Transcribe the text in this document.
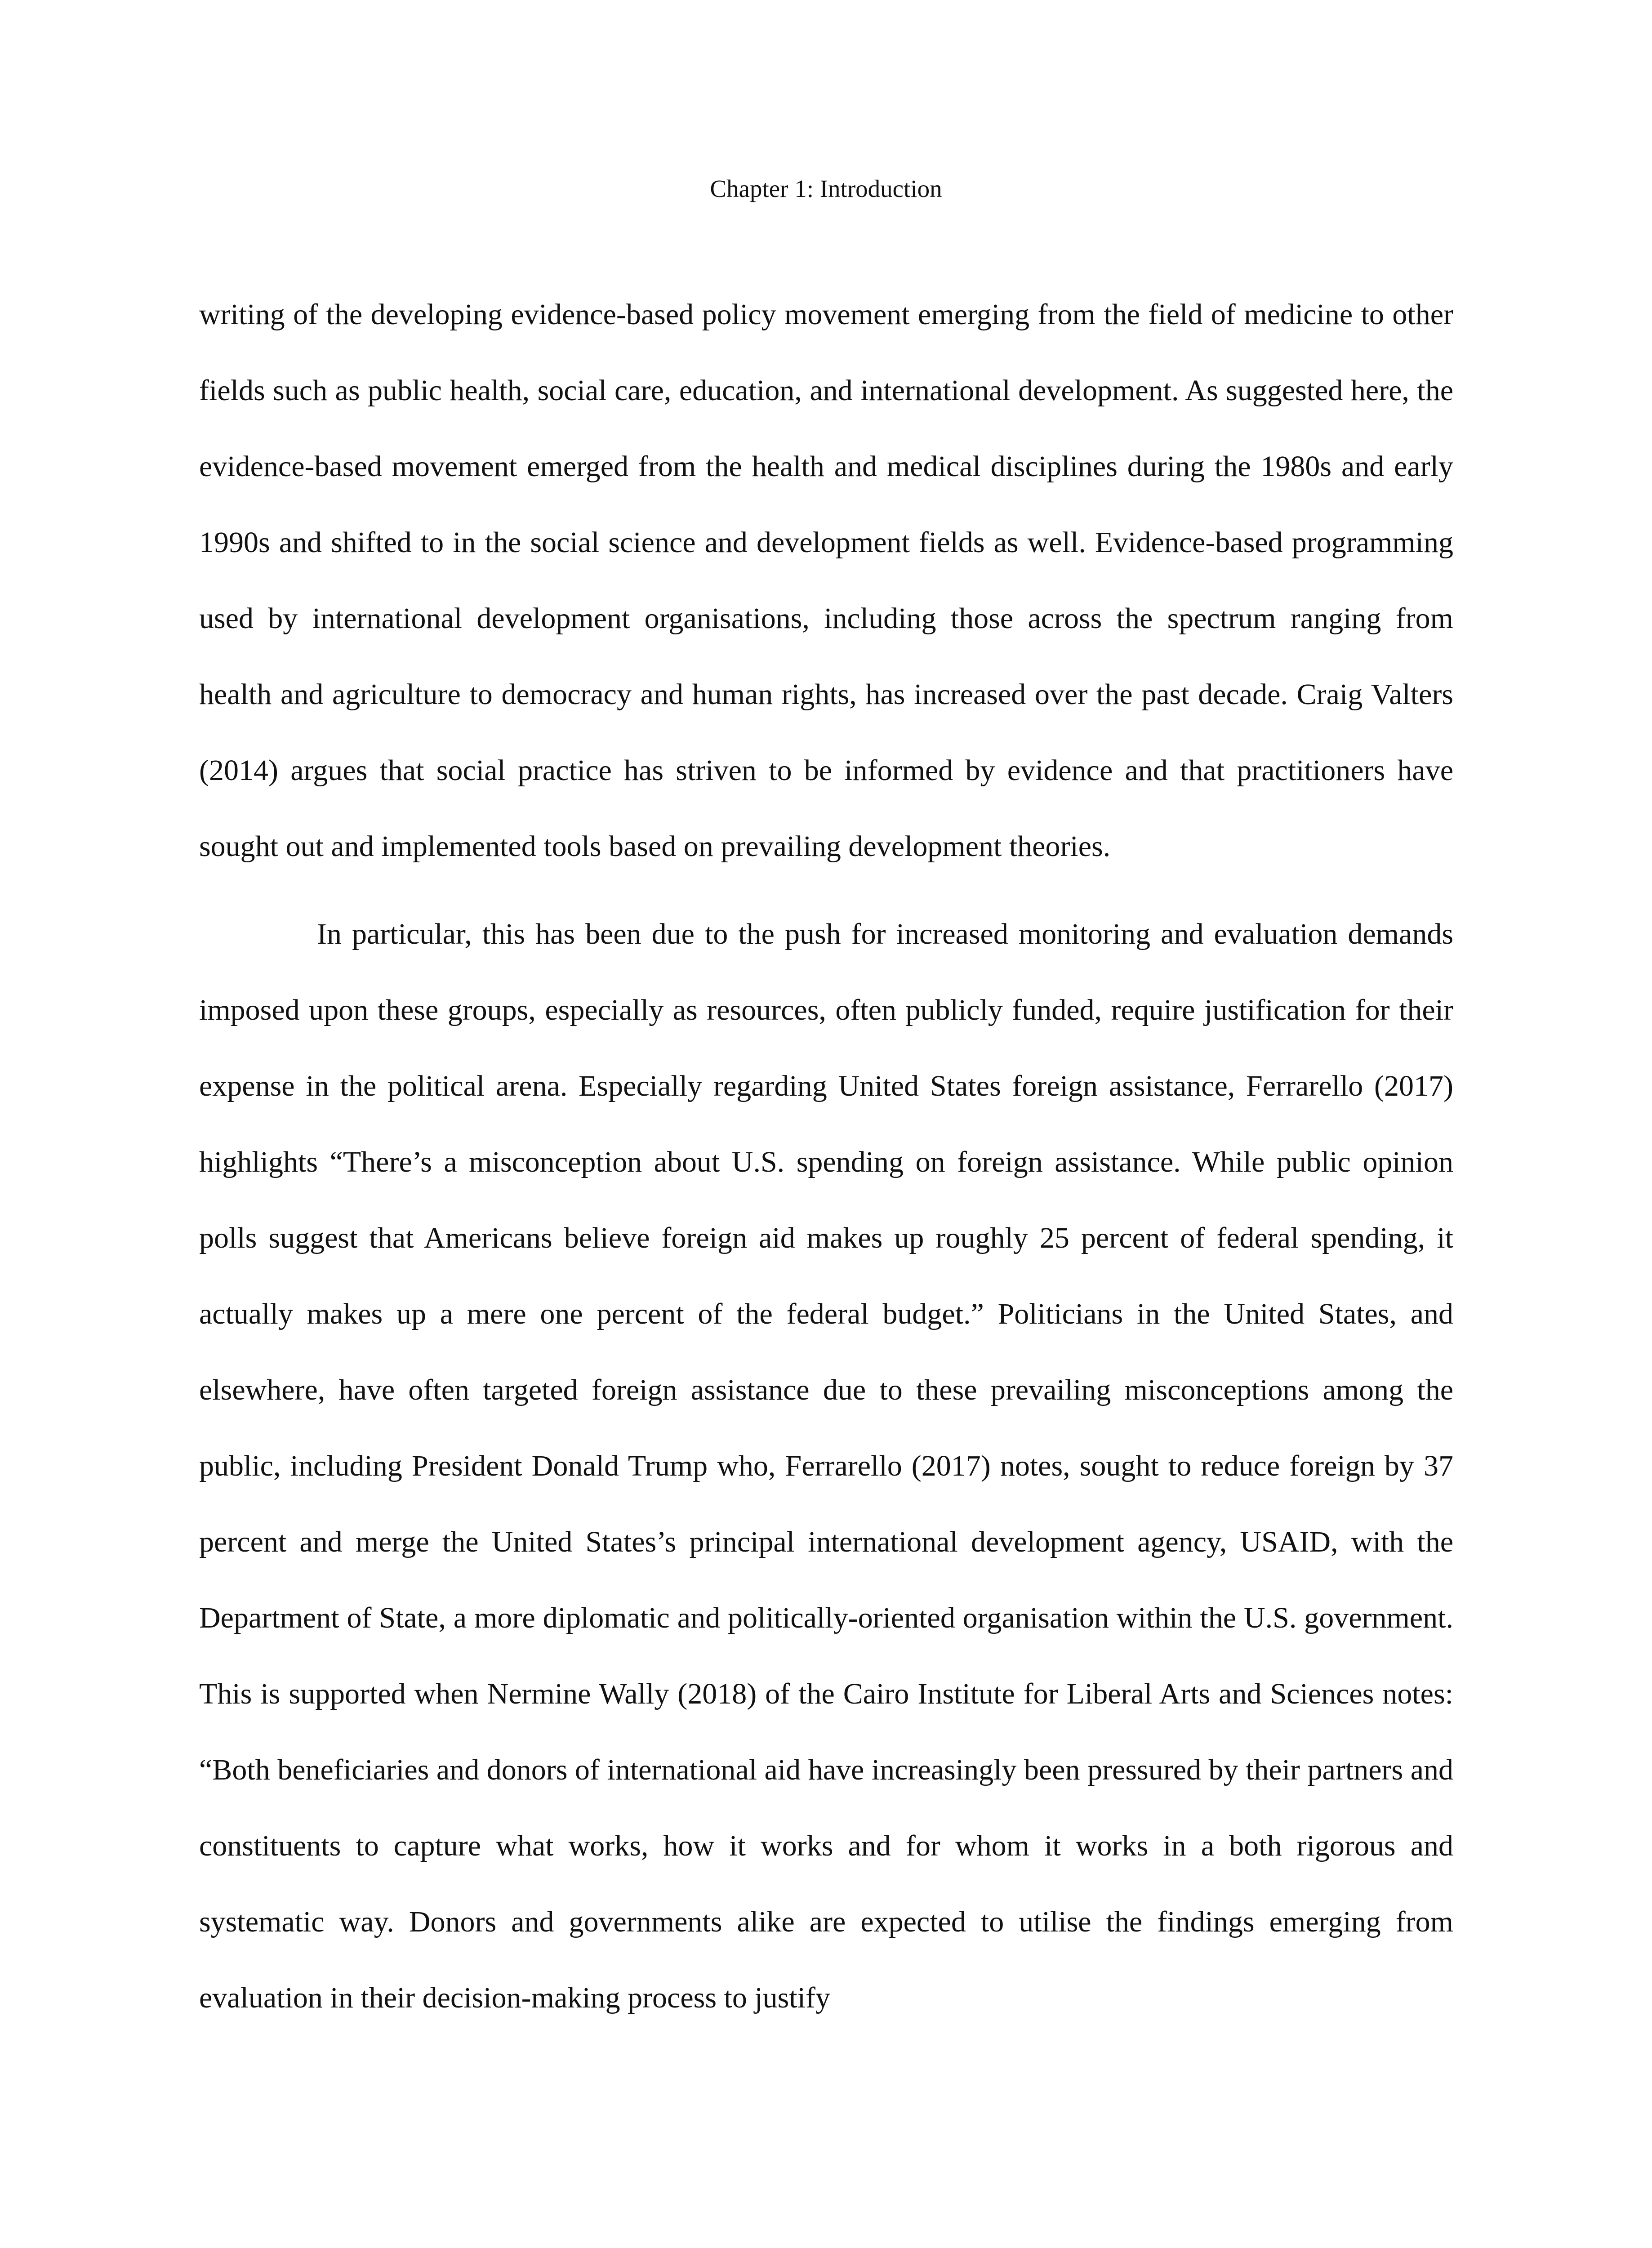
Chapter 1: Introduction

writing of the developing evidence-based policy movement emerging from the field of medicine to other fields such as public health, social care, education, and international development. As suggested here, the evidence-based movement emerged from the health and medical disciplines during the 1980s and early 1990s and shifted to in the social science and development fields as well. Evidence-based programming used by international development organisations, including those across the spectrum ranging from health and agriculture to democracy and human rights, has increased over the past decade. Craig Valters (2014) argues that social practice has striven to be informed by evidence and that practitioners have sought out and implemented tools based on prevailing development theories.

In particular, this has been due to the push for increased monitoring and evaluation demands imposed upon these groups, especially as resources, often publicly funded, require justification for their expense in the political arena. Especially regarding United States foreign assistance, Ferrarello (2017) highlights “There’s a misconception about U.S. spending on foreign assistance. While public opinion polls suggest that Americans believe foreign aid makes up roughly 25 percent of federal spending, it actually makes up a mere one percent of the federal budget.” Politicians in the United States, and elsewhere, have often targeted foreign assistance due to these prevailing misconceptions among the public, including President Donald Trump who, Ferrarello (2017) notes, sought to reduce foreign by 37 percent and merge the United States’s principal international development agency, USAID, with the Department of State, a more diplomatic and politically-oriented organisation within the U.S. government. This is supported when Nermine Wally (2018) of the Cairo Institute for Liberal Arts and Sciences notes: “Both beneficiaries and donors of international aid have increasingly been pressured by their partners and constituents to capture what works, how it works and for whom it works in a both rigorous and systematic way. Donors and governments alike are expected to utilise the findings emerging from evaluation in their decision-making process to justify
